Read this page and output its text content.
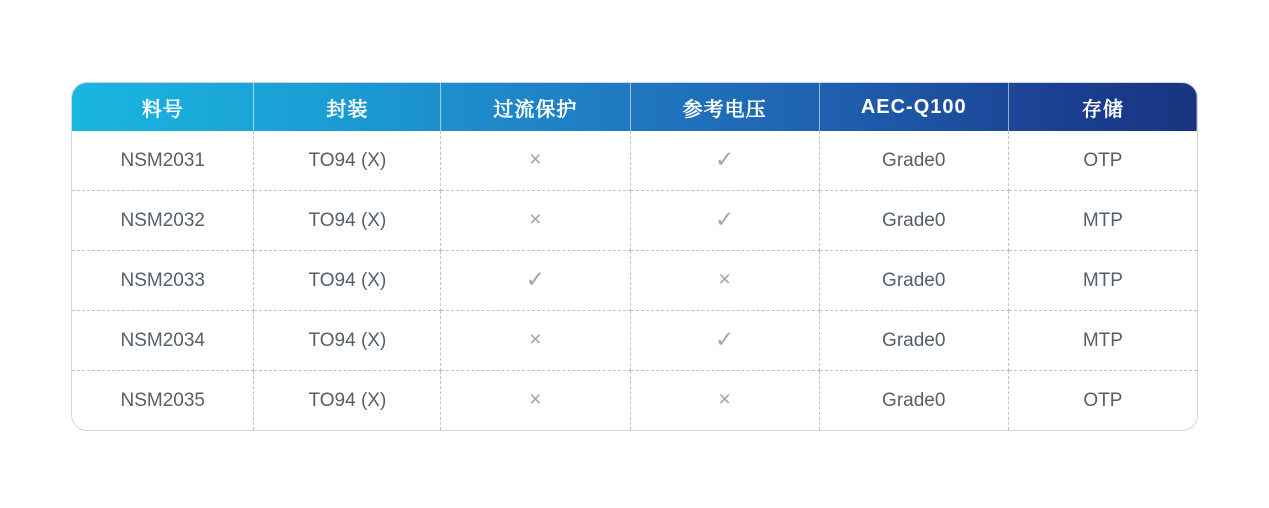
料号	封装	过流保护	参考电压	AEC-Q100	存储
NSM2031	TO94 (X)	×	✓	Grade0	OTP
NSM2032	TO94 (X)	×	✓	Grade0	MTP
NSM2033	TO94 (X)	✓	×	Grade0	MTP
NSM2034	TO94 (X)	×	✓	Grade0	MTP
NSM2035	TO94 (X)	×	×	Grade0	OTP
